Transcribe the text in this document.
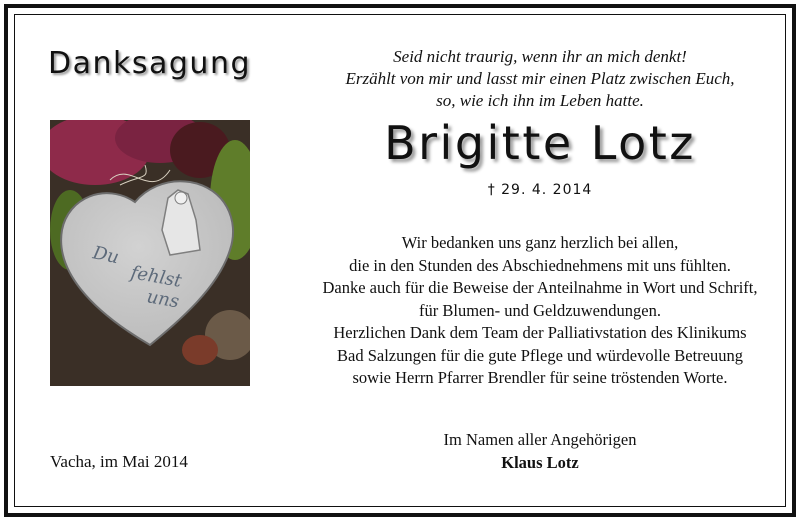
Danksagung
Du
fehlst
uns
Vacha, im Mai 2014
Seid nicht traurig, wenn ihr an mich denkt!
Erzählt von mir und lasst mir einen Platz zwischen Euch,
so, wie ich ihn im Leben hatte.
Brigitte Lotz
† 29. 4. 2014
Wir bedanken uns ganz herzlich bei allen,
die in den Stunden des Abschiednehmens mit uns fühlten.
Danke auch für die Beweise der Anteilnahme in Wort und Schrift,
für Blumen- und Geldzuwendungen.
Herzlichen Dank dem Team der Palliativstation des Klinikums
Bad Salzungen für die gute Pflege und würdevolle Betreuung
sowie Herrn Pfarrer Brendler für seine tröstenden Worte.
Im Namen aller Angehörigen
Klaus Lotz
